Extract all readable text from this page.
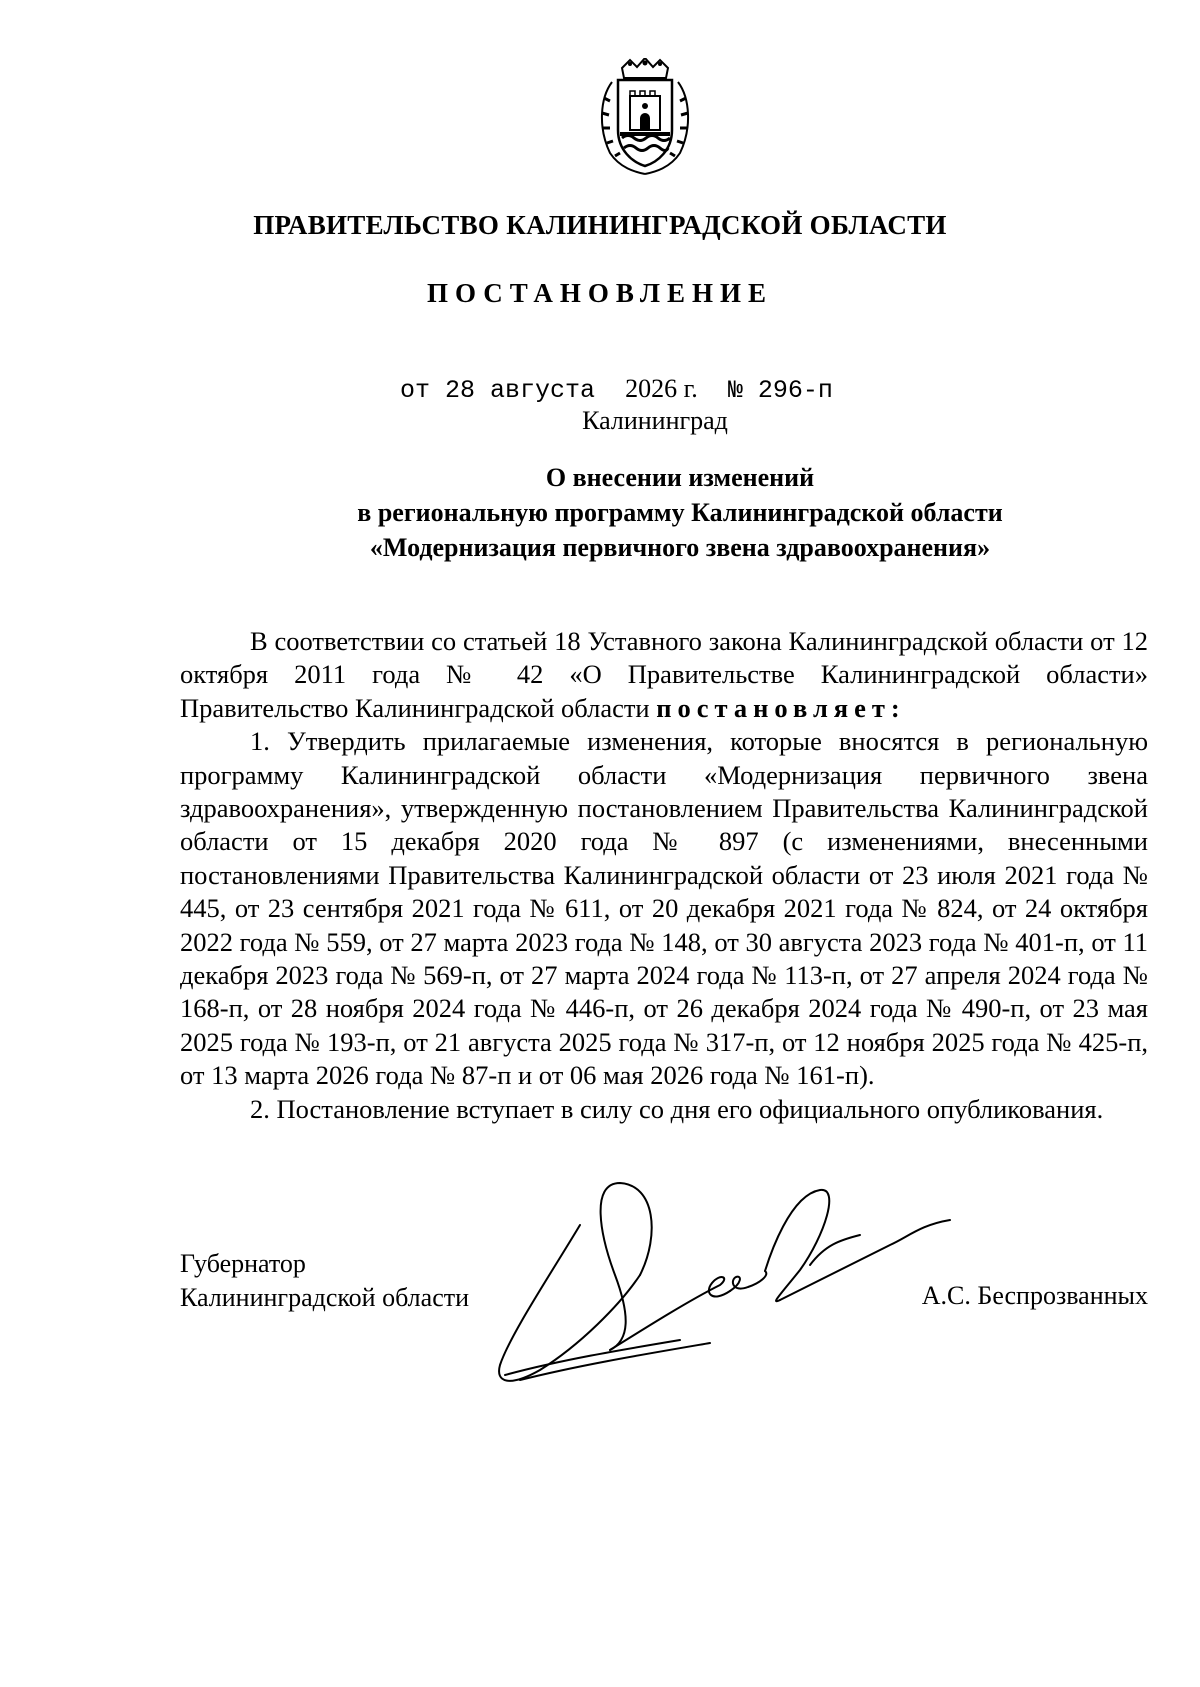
ПРАВИТЕЛЬСТВО КАЛИНИНГРАДСКОЙ ОБЛАСТИ
ПОСТАНОВЛЕНИЕ
от 28 августа 2026 г. № 296-п
Калининград
О внесении изменений
в региональную программу Калининградской области
«Модернизация первичного звена здравоохранения»

В соответствии со статьей 18 Уставного закона Калининградской области от 12 октября 2011 года № 42 «О Правительстве Калининградской области» Правительство Калининградской области постановляет:

1. Утвердить прилагаемые изменения, которые вносятся в региональную программу Калининградской области «Модернизация первичного звена здравоохранения», утвержденную постановлением Правительства Калининградской области от 15 декабря 2020 года № 897 (с изменениями, внесенными постановлениями Правительства Калининградской области от 23 июля 2021 года № 445, от 23 сентября 2021 года № 611, от 20 декабря 2021 года № 824, от 24 октября 2022 года № 559, от 27 марта 2023 года № 148, от 30 августа 2023 года № 401-п, от 11 декабря 2023 года № 569-п, от 27 марта 2024 года № 113-п, от 27 апреля 2024 года № 168-п, от 28 ноября 2024 года № 446-п, от 26 декабря 2024 года № 490-п, от 23 мая 2025 года № 193-п, от 21 августа 2025 года № 317-п, от 12 ноября 2025 года № 425-п, от 13 марта 2026 года № 87-п и от 06 мая 2026 года № 161-п).

2. Постановление вступает в силу со дня его официального опубликования.

Губернатор
Калининградской области	А.С. Беспрозванных
